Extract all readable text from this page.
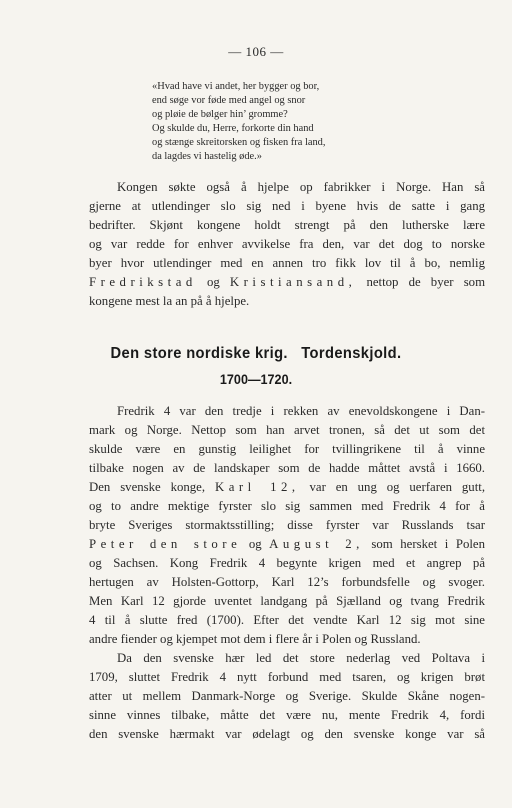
— 106 —
«Hvad have vi andet, her bygger og bor,
end søge vor føde med angel og snor
og pløie de bølger hin’ gromme?
Og skulde du, Herre, forkorte din hand
og stænge skreitorsken og fisken fra land,
da lagdes vi hastelig øde.»
Kongen søkte også å hjelpe op fabrikker i Norge. Han så
gjerne at utlendinger slo sig ned i byene hvis de satte i gang
bedrifter. Skjønt kongene holdt strengt på den lutherske lære
og var redde for enhver avvikelse fra den, var det dog to norske
byer hvor utlendinger med en annen tro fikk lov til å bo, nemlig
Fredrikstad og Kristiansand, nettop de byer som
kongene mest la an på å hjelpe.
Den store nordiske krig.   Tordenskjold.
1700—1720.
Fredrik 4 var den tredje i rekken av enevoldskongene i Dan-
mark og Norge. Nettop som han arvet tronen, så det ut som det
skulde være en gunstig leilighet for tvillingrikene til å vinne
tilbake nogen av de landskaper som de hadde måttet avstå i 1660.
Den svenske konge, Karl 12, var en ung og uerfaren gutt,
og to andre mektige fyrster slo sig sammen med Fredrik 4 for å
bryte Sveriges stormaktsstilling; disse fyrster var Russlands tsar
Peter den store og August 2, som hersket i Polen
og Sachsen. Kong Fredrik 4 begynte krigen med et angrep på
hertugen av Holsten-Gottorp, Karl 12’s forbundsfelle og svoger.
Men Karl 12 gjorde uventet landgang på Sjælland og tvang Fredrik
4 til å slutte fred (1700). Efter det vendte Karl 12 sig mot sine
andre fiender og kjempet mot dem i flere år i Polen og Russland.
Da den svenske hær led det store nederlag ved Poltava i
1709, sluttet Fredrik 4 nytt forbund med tsaren, og krigen brøt
atter ut mellem Danmark-Norge og Sverige. Skulde Skåne nogen-
sinne vinnes tilbake, måtte det være nu, mente Fredrik 4, fordi
den svenske hærmakt var ødelagt og den svenske konge var så
